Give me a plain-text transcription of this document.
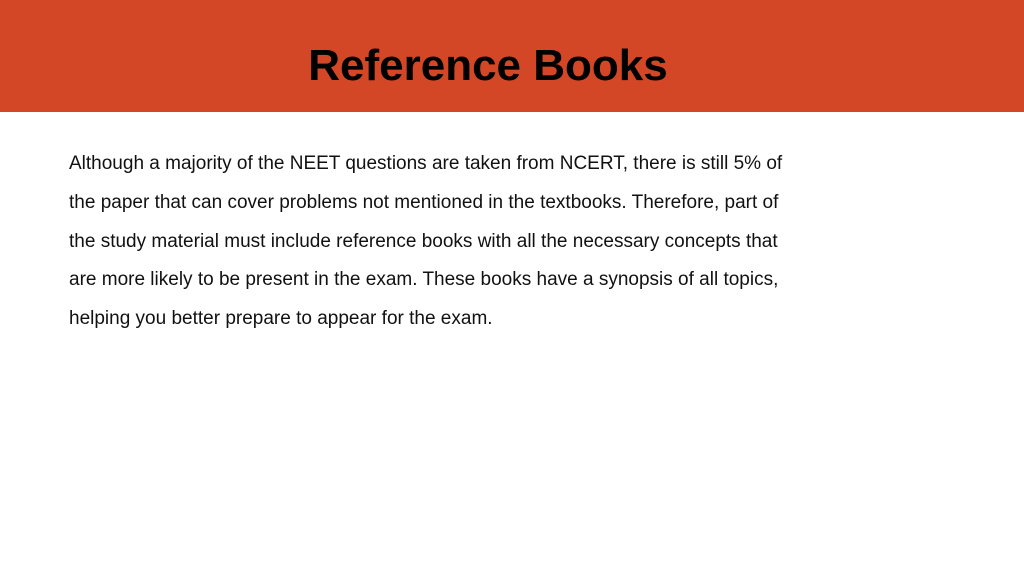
Reference Books

Although a majority of the NEET questions are taken from NCERT, there is still 5% of
the paper that can cover problems not mentioned in the textbooks. Therefore, part of
the study material must include reference books with all the necessary concepts that
are more likely to be present in the exam. These books have a synopsis of all topics,
helping you better prepare to appear for the exam.
